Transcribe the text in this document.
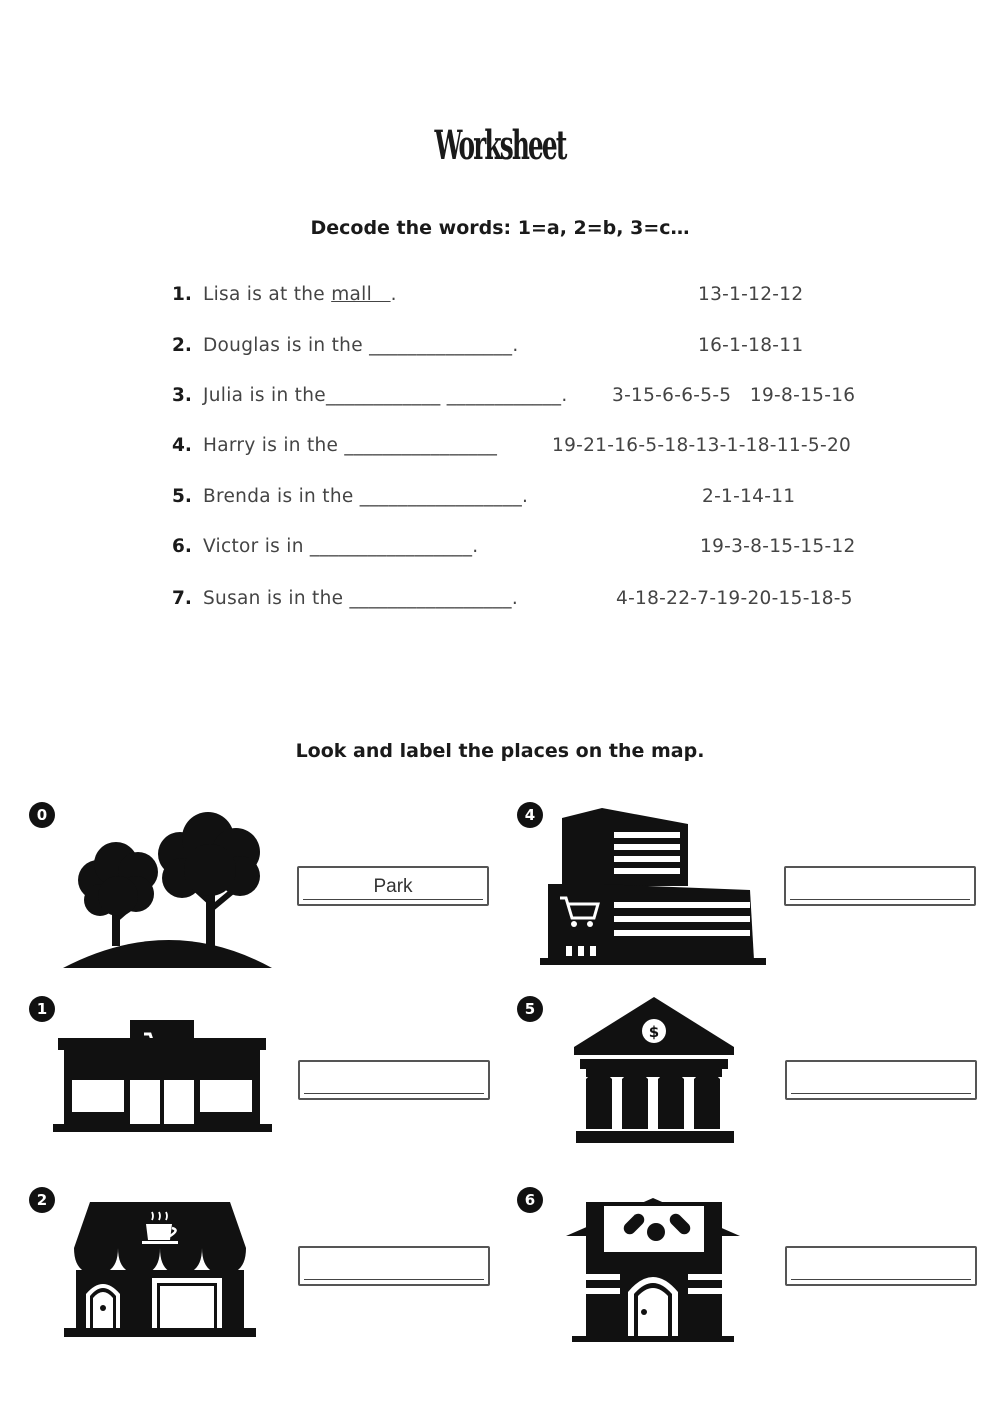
Worksheet
Decode the words: 1=a, 2=b, 3=c…
1. Lisa is at the mall   .	13-1-12-12
2. Douglas is in the _______________.	16-1-18-11
3. Julia is in the____________ ____________. 3-15-6-6-5-5   19-8-15-16
4. Harry is in the ________________	19-21-16-5-18-13-1-18-11-5-20
5. Brenda is in the _________________.	2-1-14-11
6. Victor is in _________________.	19-3-8-15-15-12
7. Susan is in the _________________.	4-18-22-7-19-20-15-18-5
Look and label the places on the map.
0
Park
1
2
4
5
$
6
